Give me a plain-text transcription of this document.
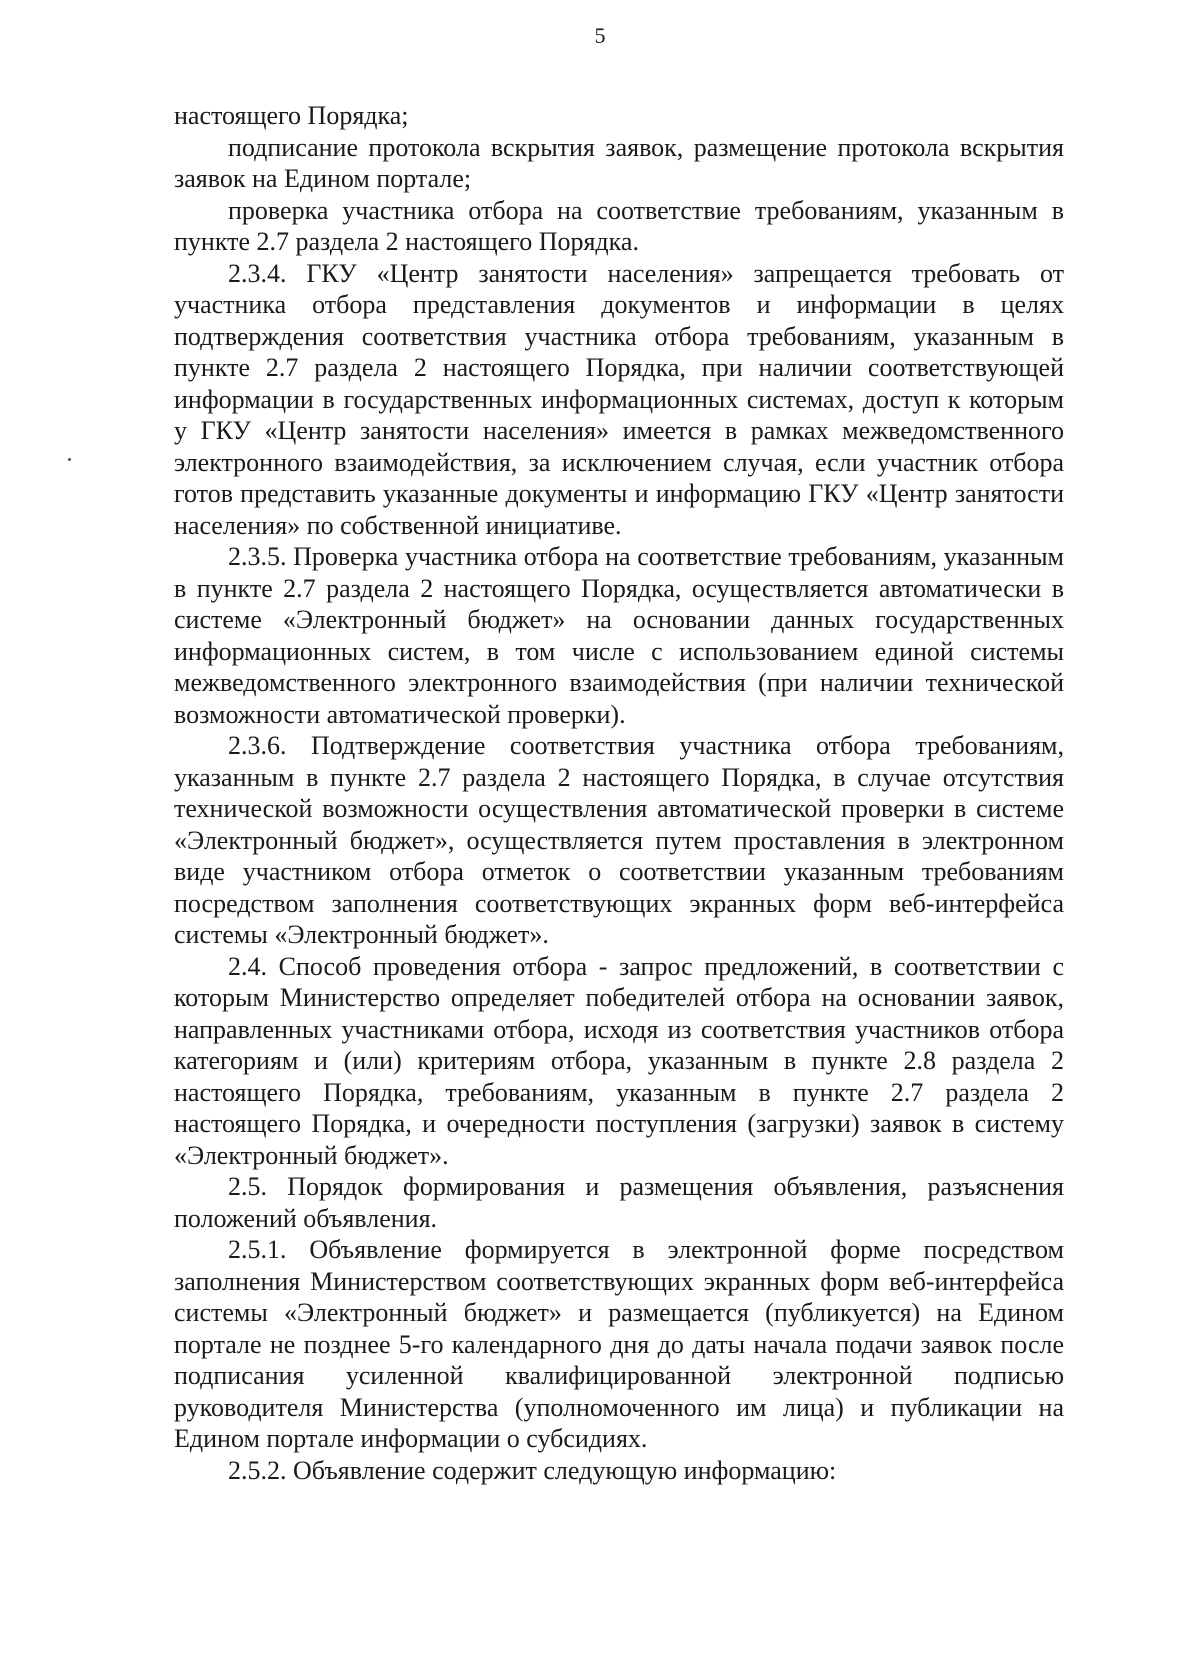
5

настоящего Порядка;

подписание протокола вскрытия заявок, размещение протокола вскрытия заявок на Едином портале;

проверка участника отбора на соответствие требованиям, указанным в пункте 2.7 раздела 2 настоящего Порядка.

2.3.4. ГКУ «Центр занятости населения» запрещается требовать от участника отбора представления документов и информации в целях подтверждения соответствия участника отбора требованиям, указанным в пункте 2.7 раздела 2 настоящего Порядка, при наличии соответствующей информации в государственных информационных системах, доступ к которым у ГКУ «Центр занятости населения» имеется в рамках межведомственного электронного взаимодействия, за исключением случая, если участник отбора готов представить указанные документы и информацию ГКУ «Центр занятости населения» по собственной инициативе.

2.3.5. Проверка участника отбора на соответствие требованиям, указанным в пункте 2.7 раздела 2 настоящего Порядка, осуществляется автоматически в системе «Электронный бюджет» на основании данных государственных информационных систем, в том числе с использованием единой системы межведомственного электронного взаимодействия (при наличии технической возможности автоматической проверки).

2.3.6. Подтверждение соответствия участника отбора требованиям, указанным в пункте 2.7 раздела 2 настоящего Порядка, в случае отсутствия технической возможности осуществления автоматической проверки в системе «Электронный бюджет», осуществляется путем проставления в электронном виде участником отбора отметок о соответствии указанным требованиям посредством заполнения соответствующих экранных форм веб-интерфейса системы «Электронный бюджет».

2.4. Способ проведения отбора - запрос предложений, в соответствии с которым Министерство определяет победителей отбора на основании заявок, направленных участниками отбора, исходя из соответствия участников отбора категориям и (или) критериям отбора, указанным в пункте 2.8 раздела 2 настоящего Порядка, требованиям, указанным в пункте 2.7 раздела 2 настоящего Порядка, и очередности поступления (загрузки) заявок в систему «Электронный бюджет».

2.5. Порядок формирования и размещения объявления, разъяснения положений объявления.

2.5.1. Объявление формируется в электронной форме посредством заполнения Министерством соответствующих экранных форм веб-интерфейса системы «Электронный бюджет» и размещается (публикуется) на Едином портале не позднее 5-го календарного дня до даты начала подачи заявок после подписания усиленной квалифицированной электронной подписью руководителя Министерства (уполномоченного им лица) и публикации на Едином портале информации о субсидиях.

2.5.2. Объявление содержит следующую информацию:
